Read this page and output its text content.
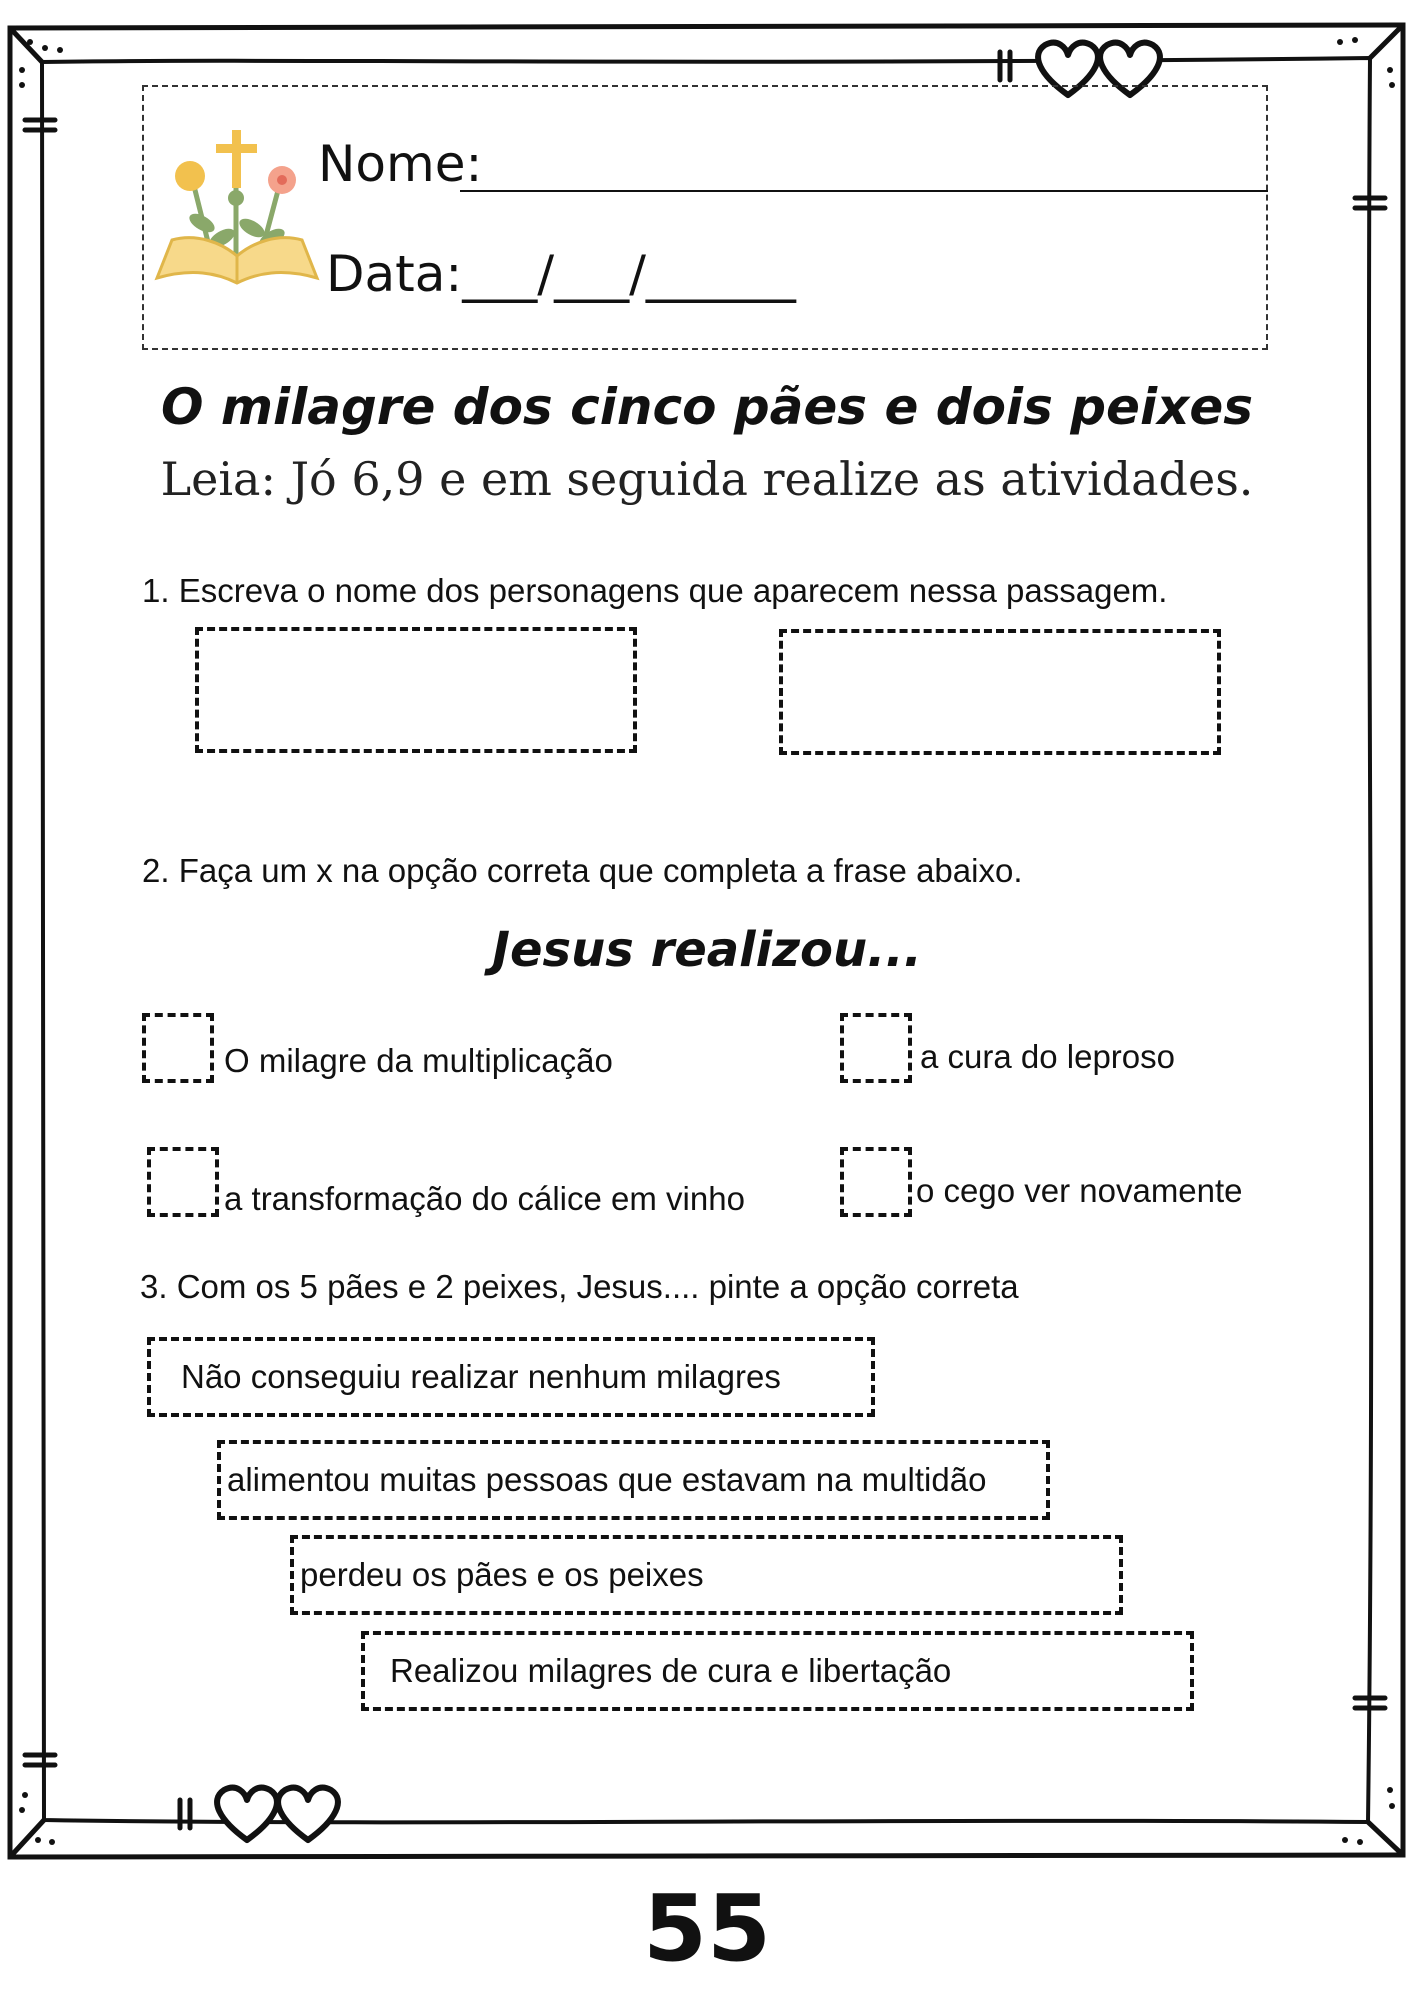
Nome:
Data:___/___/______
O milagre dos cinco pães e dois peixes
Leia: Jó 6,9 e em seguida realize as atividades.
1. Escreva o nome dos personagens que aparecem nessa passagem.
2. Faça um x na opção correta que completa a frase abaixo.
Jesus realizou...
O milagre da multiplicação	a cura do leproso
a transformação do cálice em vinho	o cego ver novamente
3. Com os 5 pães e 2 peixes, Jesus.... pinte a opção correta
Não conseguiu realizar nenhum milagres
alimentou muitas pessoas que estavam na multidão
perdeu os pães e os peixes
Realizou milagres de cura e libertação
55
